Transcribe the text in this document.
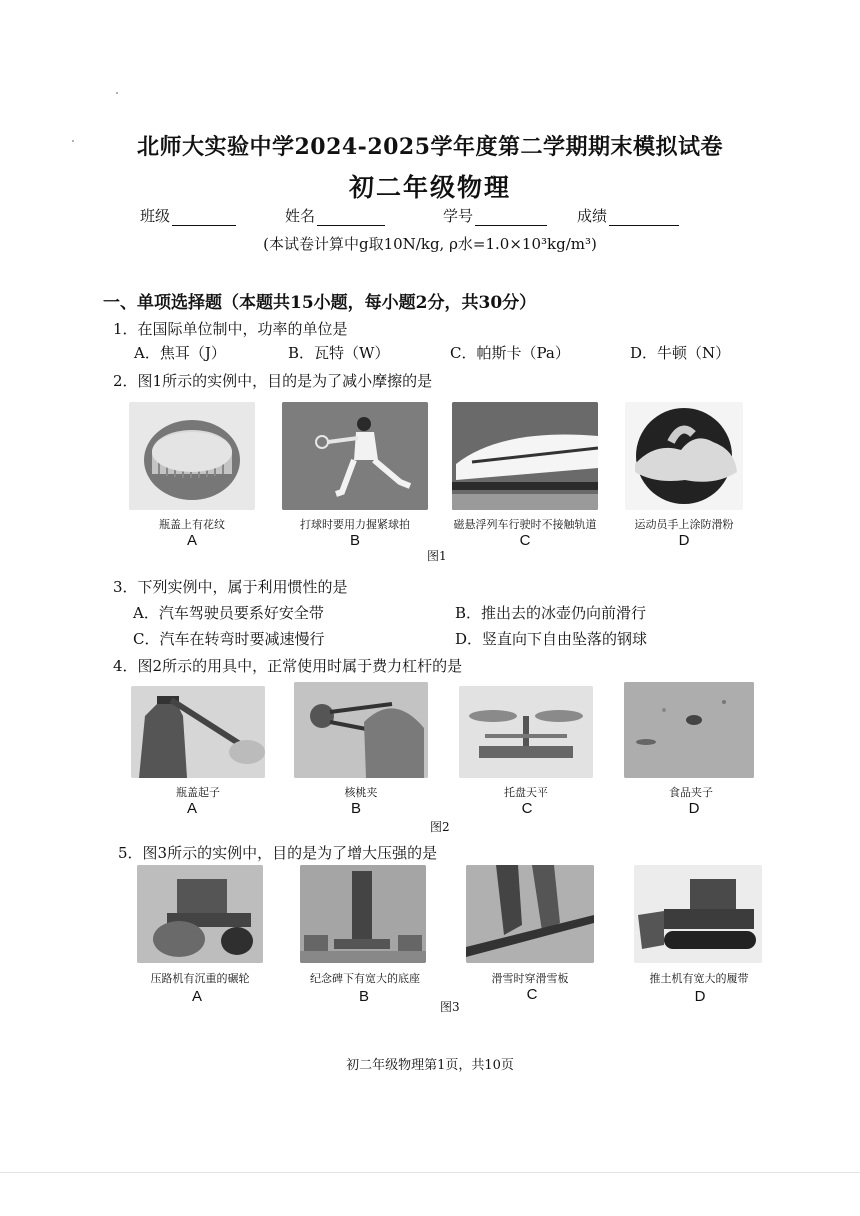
北师大实验中学2024-2025学年度第二学期期末模拟试卷
初二年级物理
班级	姓名	学号	成绩
(本试卷计算中g取10N/kg, ρ水=1.0×10³kg/m³)
一、单项选择题（本题共15小题，每小题2分，共30分）
1．在国际单位制中，功率的单位是
A．焦耳（J）	B．瓦特（W）	C．帕斯卡（Pa）	D．牛顿（N）
2．图1所示的实例中，目的是为了减小摩擦的是
瓶盖上有花纹	打球时要用力握紧球拍	磁悬浮列车行驶时不接触轨道	运动员手上涂防滑粉
A	B	C	D
图1
3．下列实例中，属于利用惯性的是
A．汽车驾驶员要系好安全带	B．推出去的冰壶仍向前滑行
C．汽车在转弯时要减速慢行	D．竖直向下自由坠落的钢球
4．图2所示的用具中，正常使用时属于费力杠杆的是
瓶盖起子	核桃夹	托盘天平	食品夹子
A	B	C	D
图2
5．图3所示的实例中，目的是为了增大压强的是
压路机有沉重的碾轮	纪念碑下有宽大的底座	滑雪时穿滑雪板	推土机有宽大的履带
A	B	C	D
图3
初二年级物理第1页，共10页
